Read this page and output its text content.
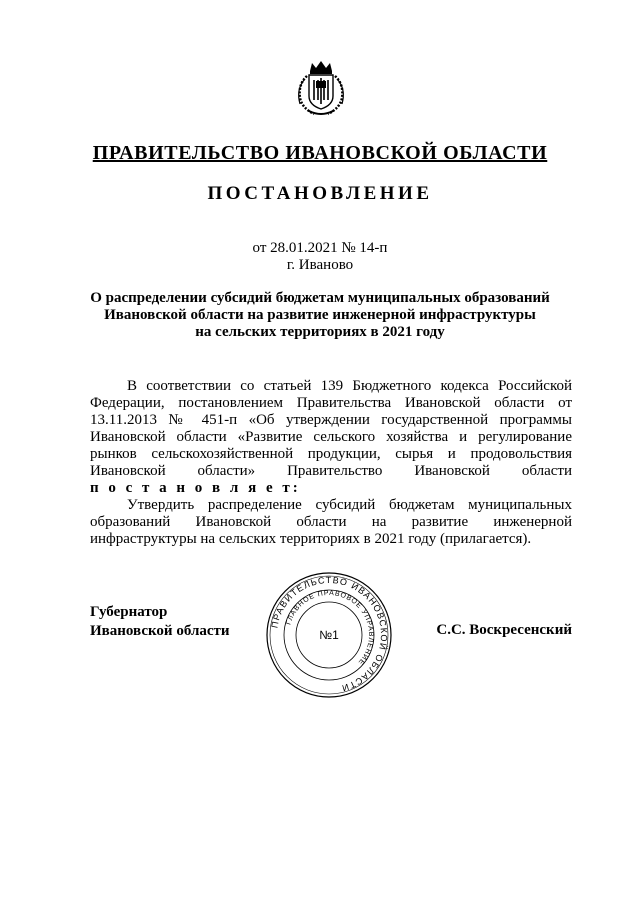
ПРАВИТЕЛЬСТВО ИВАНОВСКОЙ ОБЛАСТИ
ПОСТАНОВЛЕНИЕ
от 28.01.2021 № 14-п
г. Иваново
О распределении субсидий бюджетам муниципальных образований
Ивановской области на развитие инженерной инфраструктуры
на сельских территориях в 2021 году

В соответствии со статьей 139 Бюджетного кодекса Российской Федерации, постановлением Правительства Ивановской области от 13.11.2013 № 451-п «Об утверждении государственной программы Ивановской области «Развитие сельского хозяйства и регулирование рынков сельскохозяйственной продукции, сырья и продовольствия Ивановской области» Правительство Ивановской области

п о с т а н о в л я е т:

Утвердить распределение субсидий бюджетам муниципальных образований Ивановской области на развитие инженерной инфраструктуры на сельских территориях в 2021 году (прилагается).

Губернатор
Ивановской области	ПРАВИТЕЛЬСТВО ИВАНОВСКОЙ ОБЛАСТИ
ГЛАВНОЕ ПРАВОВОЕ УПРАВЛЕНИЕ
№1	С.С. Воскресенский
